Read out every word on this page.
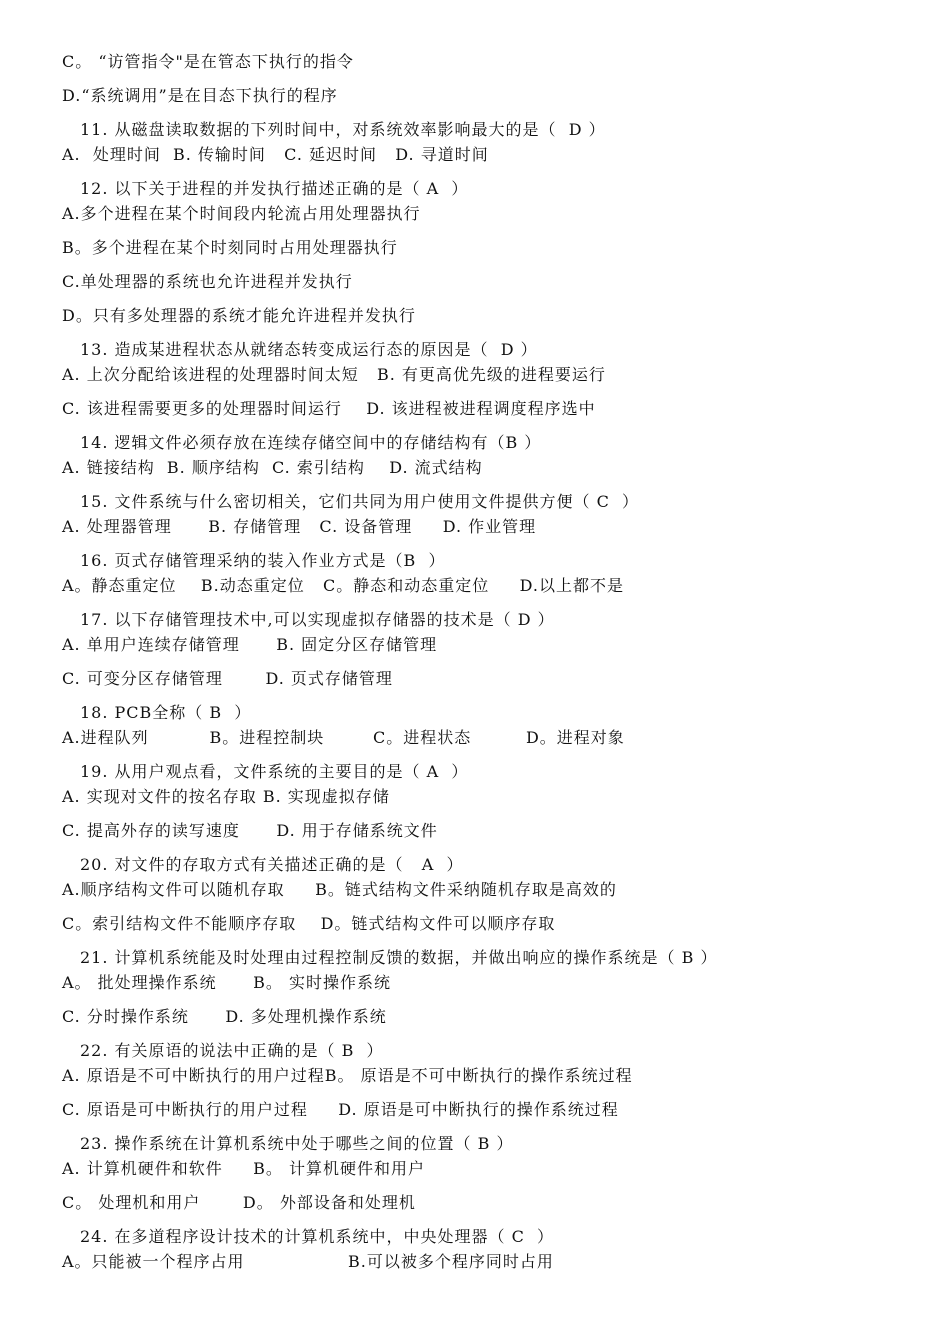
C。 “访管指令"是在管态下执行的指令
D.“系统调用”是在目态下执行的程序
11. 从磁盘读取数据的下列时间中，对系统效率影响最大的是（  D ）
A.  处理时间  B. 传输时间   C. 延迟时间   D. 寻道时间
12. 以下关于进程的并发执行描述正确的是（ A  ）
A.多个进程在某个时间段内轮流占用处理器执行
B。多个进程在某个时刻同时占用处理器执行
C.单处理器的系统也允许进程并发执行
D。只有多处理器的系统才能允许进程并发执行
13. 造成某进程状态从就绪态转变成运行态的原因是（  D ）
A. 上次分配给该进程的处理器时间太短   B. 有更高优先级的进程要运行
C. 该进程需要更多的处理器时间运行    D. 该进程被进程调度程序选中
14. 逻辑文件必须存放在连续存储空间中的存储结构有（B ）
A. 链接结构  B. 顺序结构  C. 索引结构    D. 流式结构
15. 文件系统与什么密切相关，它们共同为用户使用文件提供方便（ C  ）
A. 处理器管理      B. 存储管理   C. 设备管理     D. 作业管理
16. 页式存储管理采纳的装入作业方式是（B  ）
A。静态重定位    B.动态重定位   C。静态和动态重定位     D.以上都不是
17. 以下存储管理技术中,可以实现虚拟存储器的技术是（ D ）
A. 单用户连续存储管理      B. 固定分区存储管理
C. 可变分区存储管理       D. 页式存储管理
18. PCB全称（ B  ）
A.进程队列          B。进程控制块        C。进程状态         D。进程对象
19. 从用户观点看，文件系统的主要目的是（ A  ）
A. 实现对文件的按名存取 B. 实现虚拟存储
C. 提高外存的读写速度      D. 用于存储系统文件
20. 对文件的存取方式有关描述正确的是（   A  ）
A.顺序结构文件可以随机存取     B。链式结构文件采纳随机存取是高效的
C。索引结构文件不能顺序存取    D。链式结构文件可以顺序存取
21. 计算机系统能及时处理由过程控制反馈的数据，并做出响应的操作系统是（ B ）
A。 批处理操作系统      B。 实时操作系统
C. 分时操作系统      D. 多处理机操作系统
22. 有关原语的说法中正确的是（ B  ）
A. 原语是不可中断执行的用户过程B。 原语是不可中断执行的操作系统过程
C. 原语是可中断执行的用户过程     D. 原语是可中断执行的操作系统过程
23. 操作系统在计算机系统中处于哪些之间的位置（ B ）
A. 计算机硬件和软件     B。 计算机硬件和用户
C。 处理机和用户       D。 外部设备和处理机
24. 在多道程序设计技术的计算机系统中，中央处理器（ C  ）
A。只能被一个程序占用                 B.可以被多个程序同时占用
